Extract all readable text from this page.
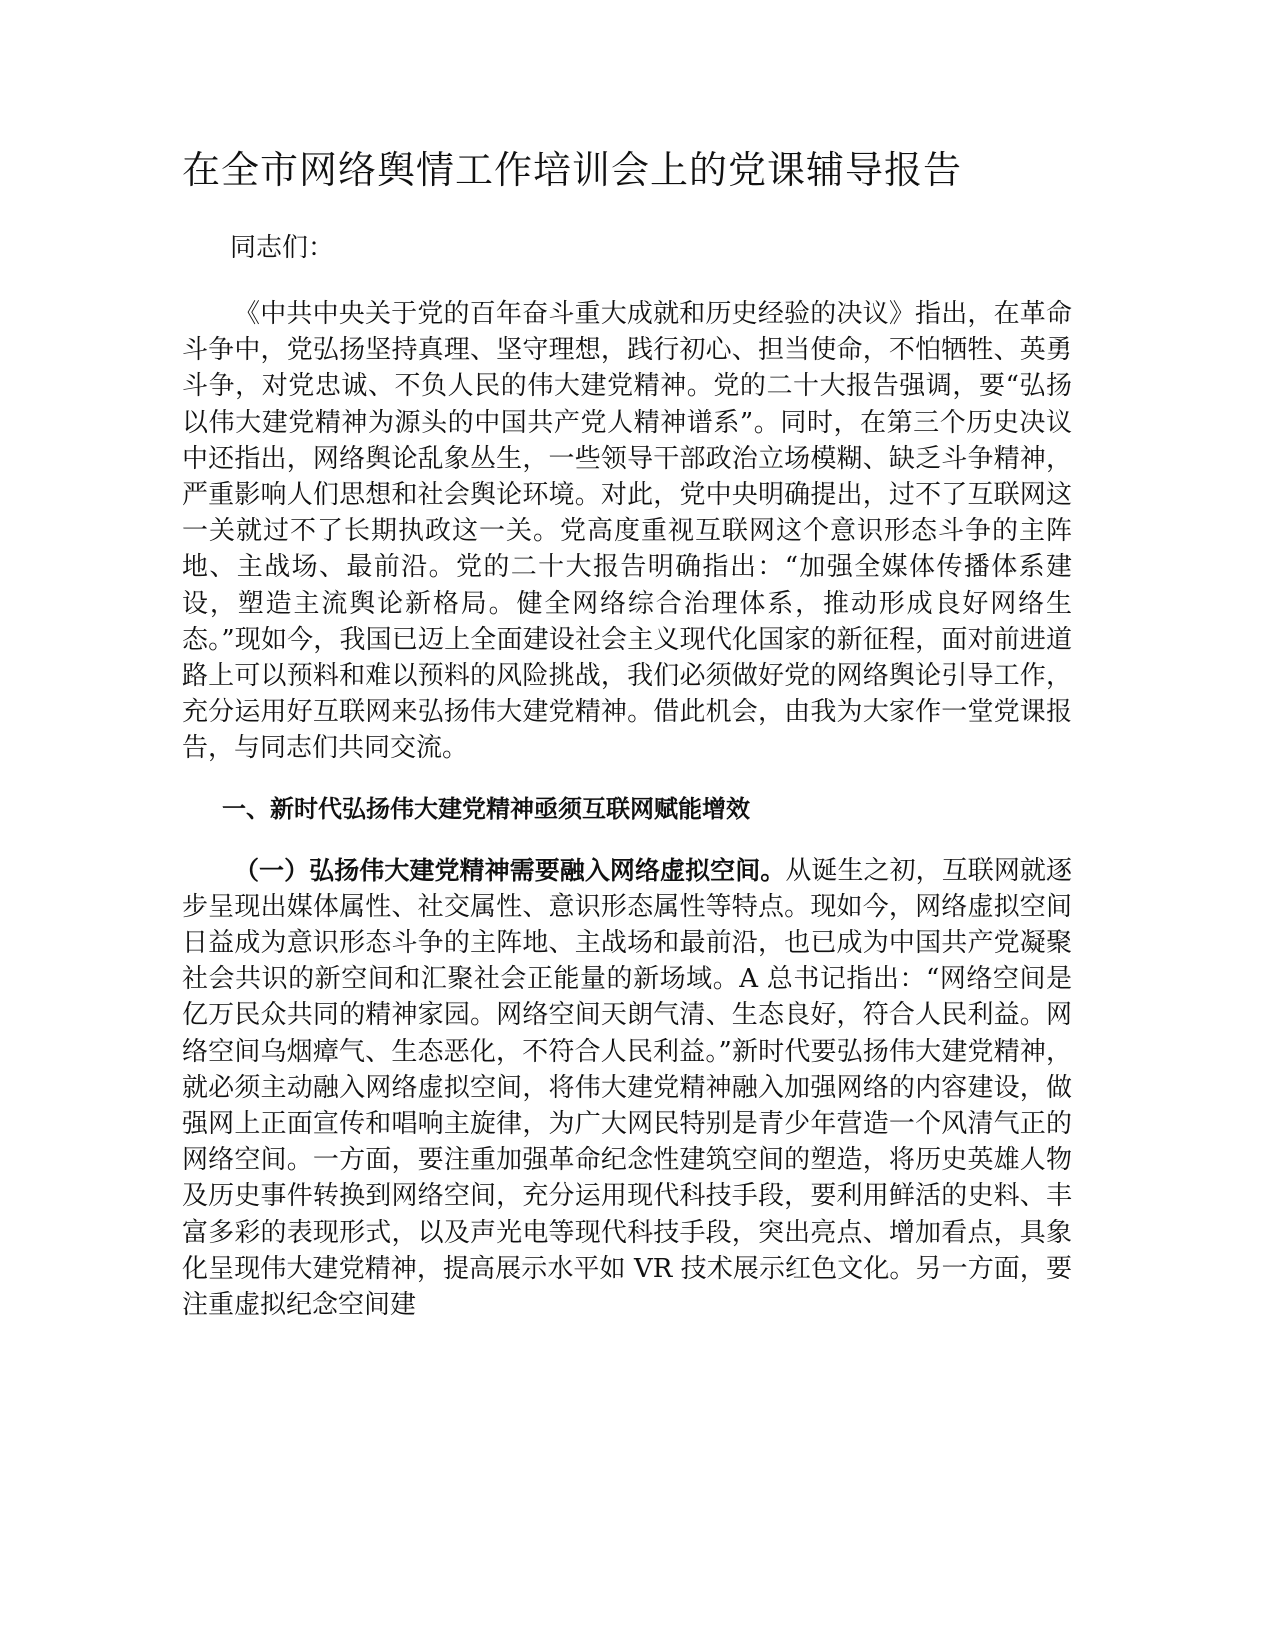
在全市网络舆情工作培训会上的党课辅导报告

同志们：

《中共中央关于党的百年奋斗重大成就和历史经验的决议》指出，在革命斗争中，党弘扬坚持真理、坚守理想，践行初心、担当使命，不怕牺牲、英勇斗争，对党忠诚、不负人民的伟大建党精神。党的二十大报告强调，要“弘扬以伟大建党精神为源头的中国共产党人精神谱系”。同时，在第三个历史决议中还指出，网络舆论乱象丛生，一些领导干部政治立场模糊、缺乏斗争精神，严重影响人们思想和社会舆论环境。对此，党中央明确提出，过不了互联网这一关就过不了长期执政这一关。党高度重视互联网这个意识形态斗争的主阵地、主战场、最前沿。党的二十大报告明确指出：“加强全媒体传播体系建设，塑造主流舆论新格局。健全网络综合治理体系，推动形成良好网络生态。”现如今，我国已迈上全面建设社会主义现代化国家的新征程，面对前进道路上可以预料和难以预料的风险挑战，我们必须做好党的网络舆论引导工作，充分运用好互联网来弘扬伟大建党精神。借此机会，由我为大家作一堂党课报告，与同志们共同交流。

一、新时代弘扬伟大建党精神亟须互联网赋能增效

（一）弘扬伟大建党精神需要融入网络虚拟空间。从诞生之初，互联网就逐步呈现出媒体属性、社交属性、意识形态属性等特点。现如今，网络虚拟空间日益成为意识形态斗争的主阵地、主战场和最前沿，也已成为中国共产党凝聚社会共识的新空间和汇聚社会正能量的新场域。A 总书记指出：“网络空间是亿万民众共同的精神家园。网络空间天朗气清、生态良好，符合人民利益。网络空间乌烟瘴气、生态恶化，不符合人民利益。”新时代要弘扬伟大建党精神，就必须主动融入网络虚拟空间，将伟大建党精神融入加强网络的内容建设，做强网上正面宣传和唱响主旋律，为广大网民特别是青少年营造一个风清气正的网络空间。一方面，要注重加强革命纪念性建筑空间的塑造，将历史英雄人物及历史事件转换到网络空间，充分运用现代科技手段，要利用鲜活的史料、丰富多彩的表现形式，以及声光电等现代科技手段，突出亮点、增加看点，具象化呈现伟大建党精神，提高展示水平如 VR 技术展示红色文化。另一方面，要注重虚拟纪念空间建
